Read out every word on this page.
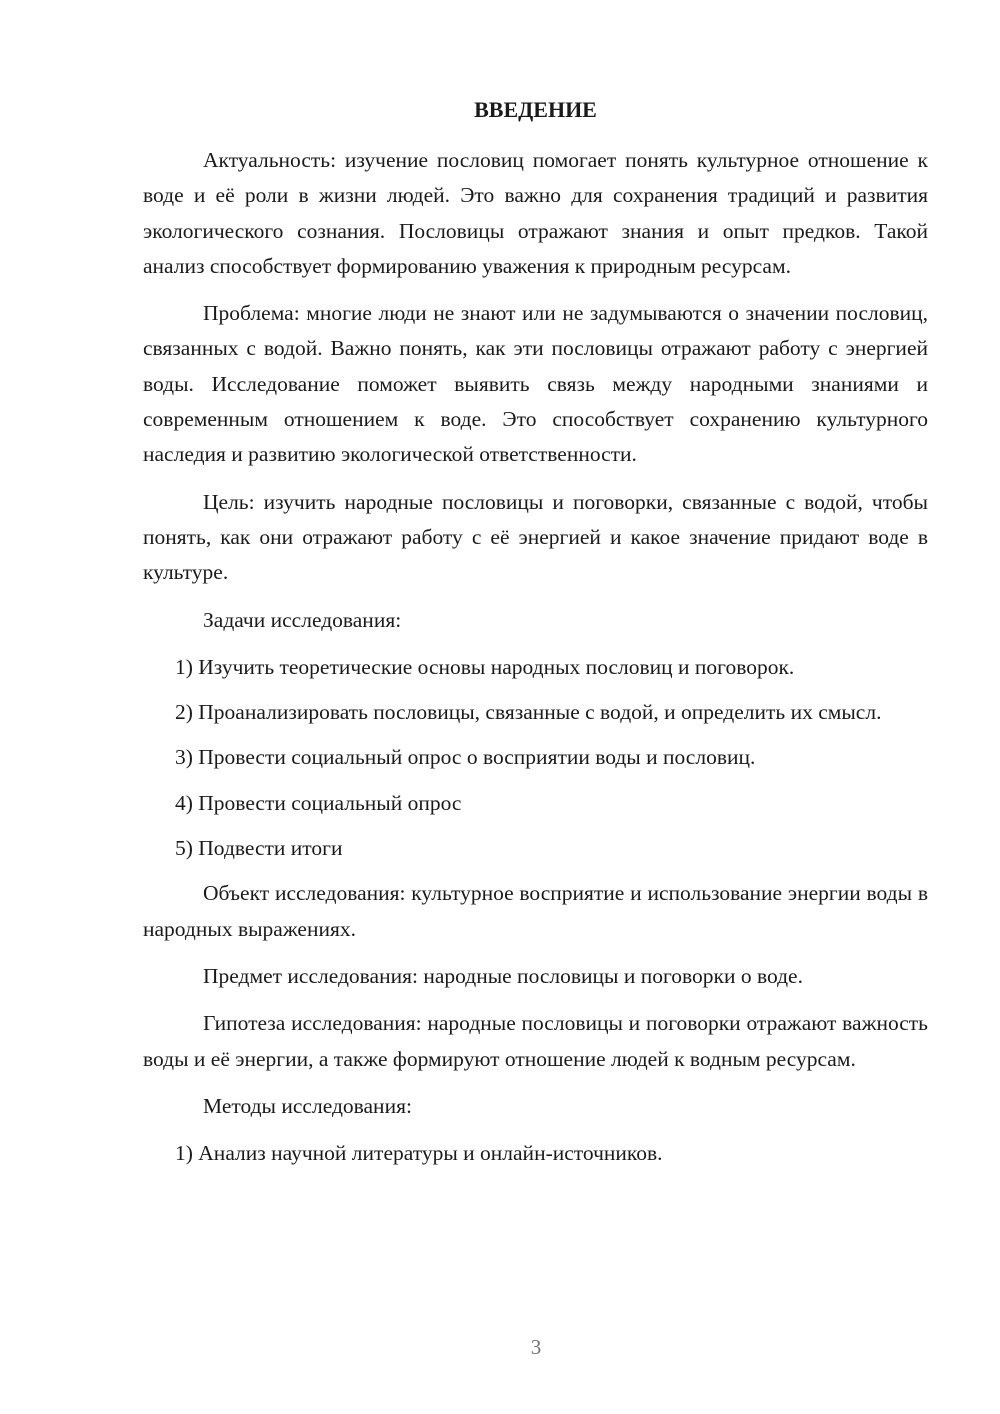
ВВЕДЕНИЕ

Актуальность: изучение пословиц помогает понять культурное отношение к воде и её роли в жизни людей. Это важно для сохранения традиций и развития экологического сознания. Пословицы отражают знания и опыт предков. Такой анализ способствует формированию уважения к природным ресурсам.

Проблема: многие люди не знают или не задумываются о значении пословиц, связанных с водой. Важно понять, как эти пословицы отражают работу с энергией воды. Исследование поможет выявить связь между народными знаниями и современным отношением к воде. Это способствует сохранению культурного наследия и развитию экологической ответственности.

Цель: изучить народные пословицы и поговорки, связанные с водой, чтобы понять, как они отражают работу с её энергией и какое значение придают воде в культуре.

Задачи исследования:

1) Изучить теоретические основы народных пословиц и поговорок.

2) Проанализировать пословицы, связанные с водой, и определить их смысл.

3) Провести социальный опрос о восприятии воды и пословиц.

4) Провести социальный опрос

5) Подвести итоги

Объект исследования: культурное восприятие и использование энергии воды в народных выражениях.

Предмет исследования: народные пословицы и поговорки о воде.

Гипотеза исследования: народные пословицы и поговорки отражают важность воды и её энергии, а также формируют отношение людей к водным ресурсам.

Методы исследования:

1) Анализ научной литературы и онлайн-источников.

3
